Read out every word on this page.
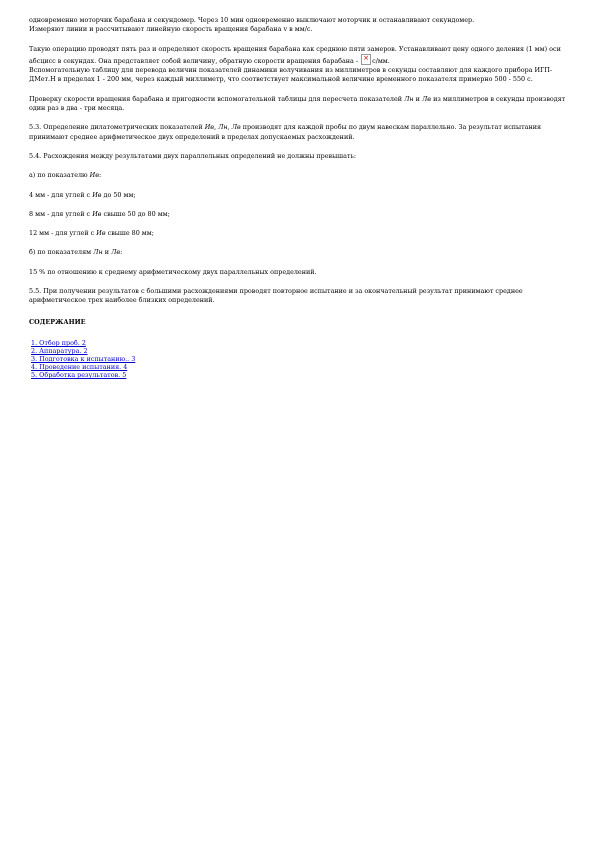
одновременно моторчик барабана и секундомер. Через 10 мин одновременно выключают моторчик и останавливают секундомер.
Измеряют линии и рассчитывают линейную скорость вращения барабана v в мм/с.

Такую операцию проводят пять раз и определяют скорость вращения барабана как среднюю пяти замеров. Устанавливают цену одного деления (1 мм) оси абсцисс в секундах. Она представляет собой величину, обратную скорости вращения барабана - × с/мм.
Вспомогательную таблицу для перевода величин показателей динамики волучивания из миллиметров в секунды составляют для каждого прибора ИГП-ДМет.Н в пределах 1 - 200 мм, через каждый миллиметр, что соответствует максимальной величине временного показателя примерно 500 - 550 с.

Проверку скорости вращения барабана и пригодности вспомогательной таблицы для пересчета показателей Лн и Лв из миллиметров в секунды производят один раз в два - три месяца.

5.3. Определение дилатометрических показателей Ив, Лн, Лв производят для каждой пробы по двум навескам параллельно. За результат испытания принимают среднее арифметическое двух определений в пределах допускаемых расхождений.

5.4. Расхождения между результатами двух параллельных определений не должны превышать:

а) по показателю Ив:

4 мм - для углей с Ив до 50 мм;

8 мм - для углей с Ив свыше 50 до 80 мм;

12 мм - для углей с Ив свыше 80 мм;

б) по показателям Лн и Лв:

15 % по отношению к среднему арифметическому двух параллельных определений.

5.5. При получении результатов с большими расхождениями проводят повторное испытание и за окончательный результат принимают среднее арифметическое трех наиболее близких определений.

СОДЕРЖАНИЕ

1. Отбор проб. 2
2. Аппаратура. 2
3. Подготовка к испытанию.. 3
4. Проведение испытания. 4
5. Обработка результатов. 5
